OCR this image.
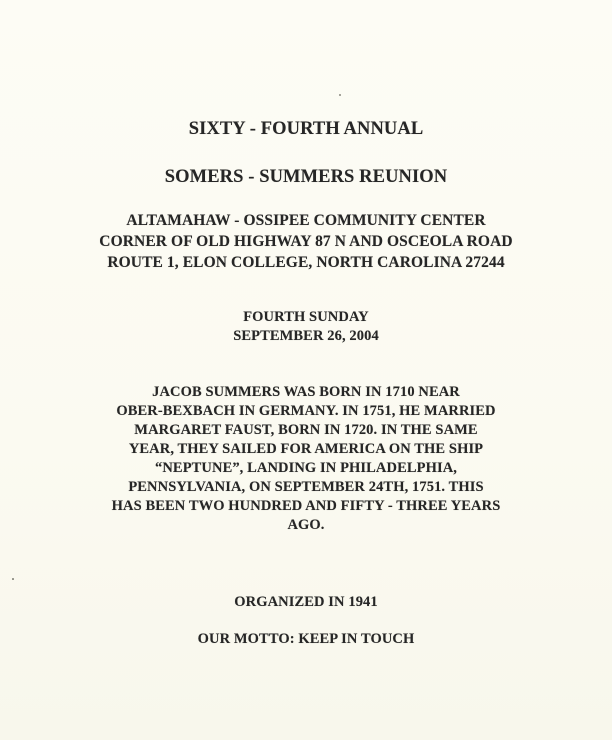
SIXTY - FOURTH ANNUAL
SOMERS - SUMMERS REUNION
ALTAMAHAW - OSSIPEE COMMUNITY CENTER
CORNER OF OLD HIGHWAY 87 N AND OSCEOLA ROAD
ROUTE 1, ELON COLLEGE, NORTH CAROLINA 27244
FOURTH SUNDAY
SEPTEMBER 26, 2004
JACOB SUMMERS WAS BORN IN 1710 NEAR
OBER-BEXBACH IN GERMANY. IN 1751, HE MARRIED
MARGARET FAUST, BORN IN 1720. IN THE SAME
YEAR, THEY SAILED FOR AMERICA ON THE SHIP
“NEPTUNE”, LANDING IN PHILADELPHIA,
PENNSYLVANIA, ON SEPTEMBER 24TH, 1751. THIS
HAS BEEN TWO HUNDRED AND FIFTY - THREE YEARS
AGO.
ORGANIZED IN 1941
OUR MOTTO: KEEP IN TOUCH
